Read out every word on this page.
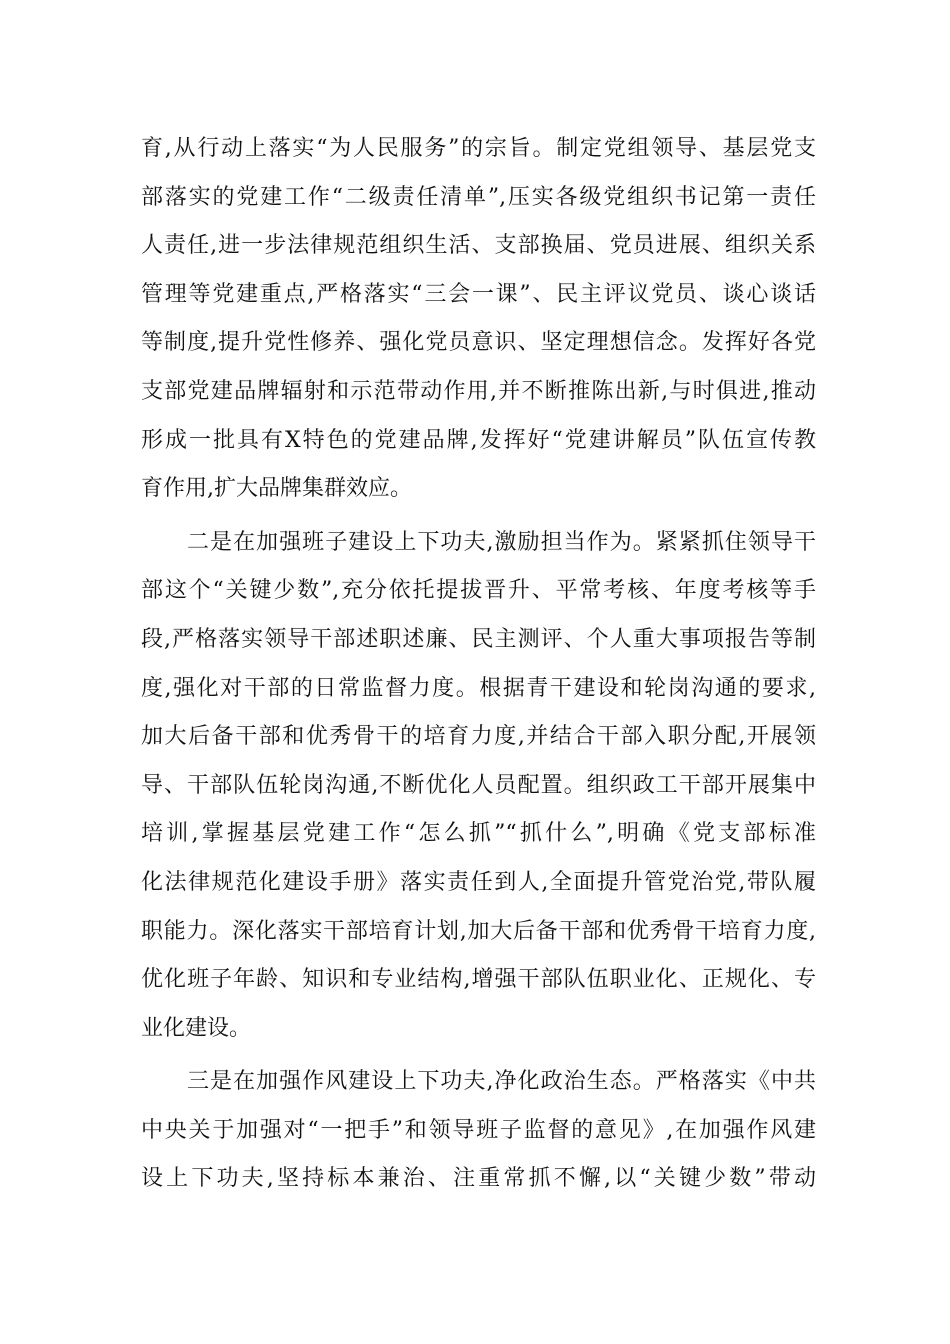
育,从行动上落实“为人民服务”的宗旨。制定党组领导、基层党支
部落实的党建工作“二级责任清单”,压实各级党组织书记第一责任
人责任,进一步法律规范组织生活、支部换届、党员进展、组织关系
管理等党建重点,严格落实“三会一课”、民主评议党员、谈心谈话
等制度,提升党性修养、强化党员意识、坚定理想信念。发挥好各党
支部党建品牌辐射和示范带动作用,并不断推陈出新,与时俱进,推动
形成一批具有X特色的党建品牌,发挥好“党建讲解员”队伍宣传教
育作用,扩大品牌集群效应。
二是在加强班子建设上下功夫,激励担当作为。紧紧抓住领导干
部这个“关键少数”,充分依托提拔晋升、平常考核、年度考核等手
段,严格落实领导干部述职述廉、民主测评、个人重大事项报告等制
度,强化对干部的日常监督力度。根据青干建设和轮岗沟通的要求,
加大后备干部和优秀骨干的培育力度,并结合干部入职分配,开展领
导、干部队伍轮岗沟通,不断优化人员配置。组织政工干部开展集中
培训,掌握基层党建工作“怎么抓”“抓什么”,明确《党支部标准
化法律规范化建设手册》落实责任到人,全面提升管党治党,带队履
职能力。深化落实干部培育计划,加大后备干部和优秀骨干培育力度,
优化班子年龄、知识和专业结构,增强干部队伍职业化、正规化、专
业化建设。
三是在加强作风建设上下功夫,净化政治生态。严格落实《中共
中央关于加强对“一把手”和领导班子监督的意见》,在加强作风建
设上下功夫,坚持标本兼治、注重常抓不懈,以“关键少数”带动
